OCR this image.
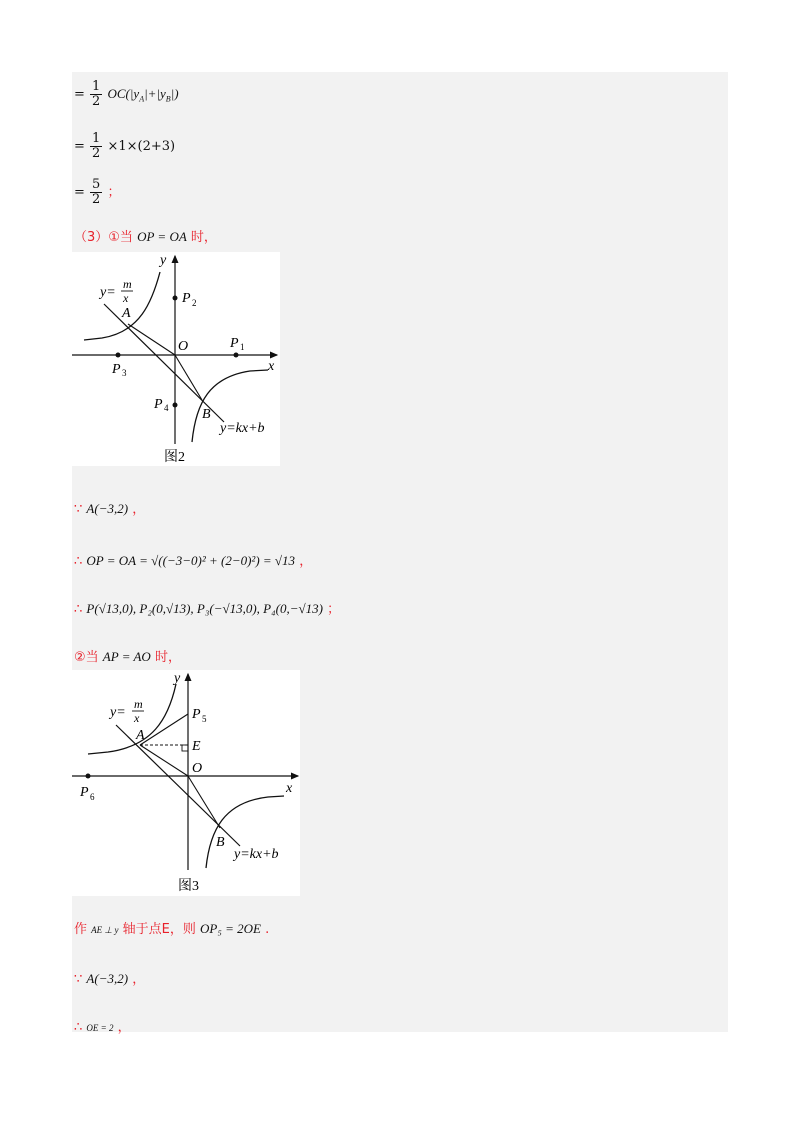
= $\frac{1}{2} OC(|y_A|+|y_B|)$
= $\frac{1}{2} \times 1\times(2+3)$
= $\frac{5}{2}$ ；
（3）①当 OP = OA 时，
y=
m
x
y
x
O
A
B
P 2
P 1
P 3
P 4
y=kx+b
图2
∵ A(−3,2) ，
∴ OP = OA = √((−3−0)² + (2−0)²) = √13 ，
∴ P(√13,0), P₂(0,√13), P₃(−√13,0), P₄(0,−√13) ；
②当 AP = AO 时，
y=
m
x
y
x
O
A
B
E
P 5
P 6
y=kx+b
图3
作 AE ⊥ y 轴于点E，则 OP₅ = 2OE .
∵ A(−3,2) ，
∴ OE = 2 ，
